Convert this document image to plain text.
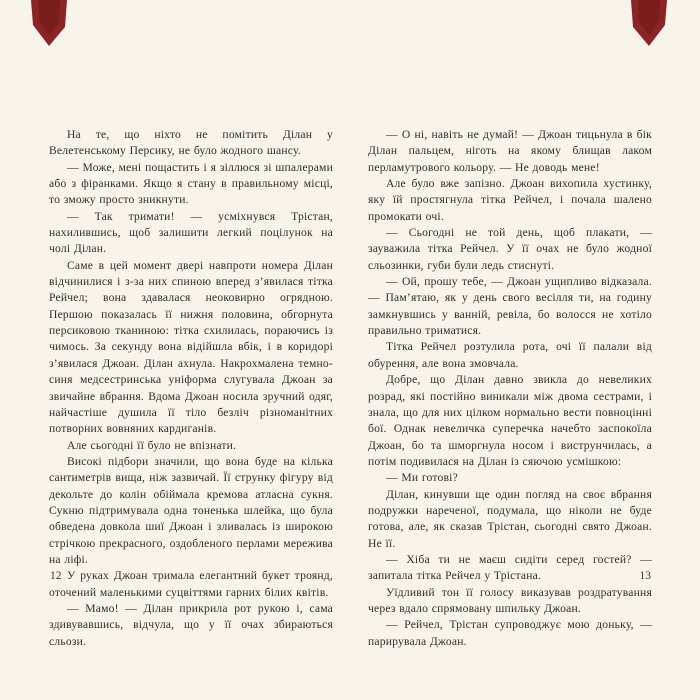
На те, що ніхто не помітить Ділан у Велетенському Персику, не було жодного шансу.

— Може, мені пощастить і я зіллюся зі шпалерами або з фіранками. Якщо я стану в правильному місці, то зможу просто зникнути.

— Так тримати! — усміхнувся Трістан, нахилившись, щоб залишити легкий поцілунок на чолі Ділан.

Саме в цей момент двері навпроти номера Ділан відчинилися і з-за них спиною вперед з’явилася тітка Рейчел; вона здавалася неоковирно огрядною. Першою показалась її нижня половина, обгорнута персиковою тканиною: тітка схилилась, пораючись із чимось. За секунду вона відійшла вбік, і в коридорі з’явилася Джоан. Ділан ахнула. Накрохмалена темно-синя медсестринська уніформа слугувала Джоан за звичайне вбрання. Вдома Джоан носила зручний одяг, найчастіше душила її тіло безліч різноманітних потворних вовняних кардиганів.

Але сьогодні її було не впізнати.

Високі підбори значили, що вона буде на кілька сантиметрів вища, ніж зазвичай. Її струнку фігуру від декольте до колін обіймала кремова атласна сукня. Сукню підтримувала одна тоненька шлейка, що була обведена довкола шиї Джоан і зливалась із широкою стрічкою прекрасного, оздобленого перлами мережива на ліфі.

У руках Джоан тримала елегантний букет троянд, оточений маленькими суцвіттями гарних білих квітів.

— Мамо! — Ділан прикрила рот рукою і, сама здивувавшись, відчула, що у її очах збираються сльози.

— О ні, навіть не думай! — Джоан тицьнула в бік Ділан пальцем, ніготь на якому блищав лаком перламутрового кольору. — Не доводь мене!

Але було вже запізно. Джоан вихопила хустинку, яку їй простягнула тітка Рейчел, і почала шалено промокати очі.

— Сьогодні не той день, щоб плакати, — зауважила тітка Рейчел. У її очах не було жодної сльозинки, губи були ледь стиснуті.

— Ой, прошу тебе, — Джоан ущипливо відказала. — Пам’ятаю, як у день свого весілля ти, на годину замкнувшись у ванній, ревіла, бо волосся не хотіло правильно триматися.

Тітка Рейчел розтулила рота, очі її палали від обурення, але вона змовчала.

Добре, що Ділан давно звикла до невеликих розрад, які постійно виникали між двома сестрами, і знала, що для них цілком нормально вести повноцінні бої. Однак невеличка суперечка начебто заспокоїла Джоан, бо та шморгнула носом і виструнчилась, а потім подивилася на Ділан із сяючою усмішкою:

— Ми готові?

Ділан, кинувши ще один погляд на своє вбрання подружки нареченої, подумала, що ніколи не буде готова, але, як сказав Трістан, сьогодні свято Джоан. Не її.

— Хіба ти не маєш сидіти серед гостей? — запитала тітка Рейчел у Трістана.

Уїдливий тон її голосу виказував роздратування через вдало спрямовану шпильку Джоан.

— Рейчел, Трістан супроводжує мою доньку, — парирувала Джоан.

12	13
